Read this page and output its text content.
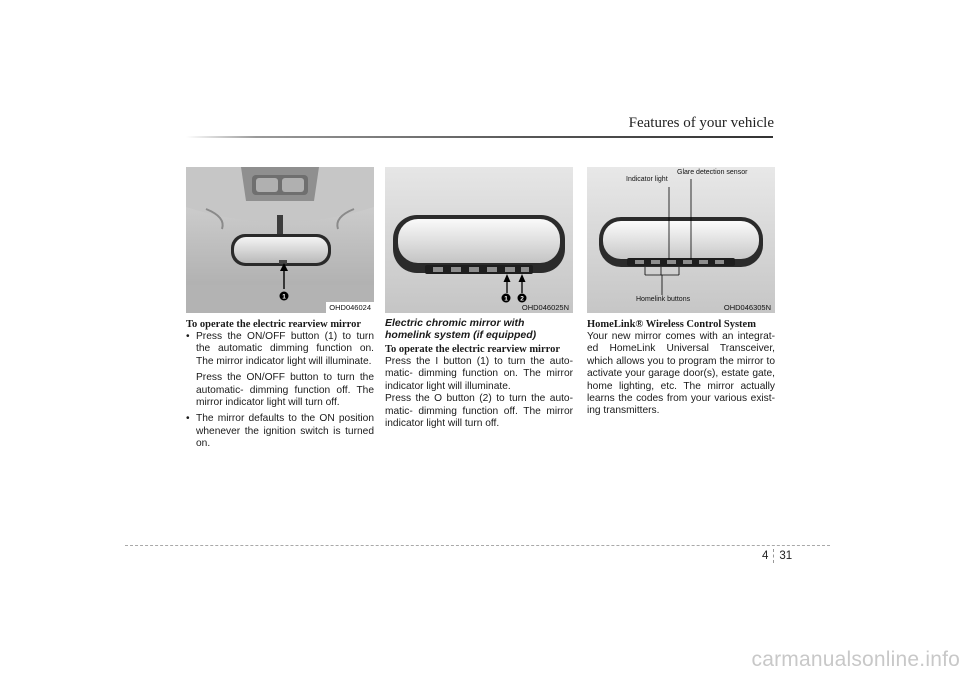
Features of your vehicle
1
OHD046024
To operate the electric rearview mirror

• Press the ON/OFF button (1) to turn the automatic dimming function on. The mirror indicator light will illuminate.

Press the ON/OFF button to turn the automatic- dimming function off. The mirror indicator light will turn off.

• The mirror defaults to the ON position whenever the ignition switch is turned on.

1 2
OHD046025N
Electric chromic mirror with homelink system (if equipped)
To operate the electric rearview mirror

Press the I button (1) to turn the auto- matic- dimming function on. The mirror indicator light will illuminate.

Press the O button (2) to turn the auto- matic- dimming function off. The mirror indicator light will turn off.

Indicator light
Glare detection sensor
Homelink buttons
OHD046305N
HomeLink® Wireless Control System

Your new mirror comes with an integrat- ed HomeLink Universal Transceiver, which allows you to program the mirror to activate your garage door(s), estate gate, home lighting, etc. The mirror actually learns the codes from your various exist- ing transmitters.

4 31
carmanualsonline.info
